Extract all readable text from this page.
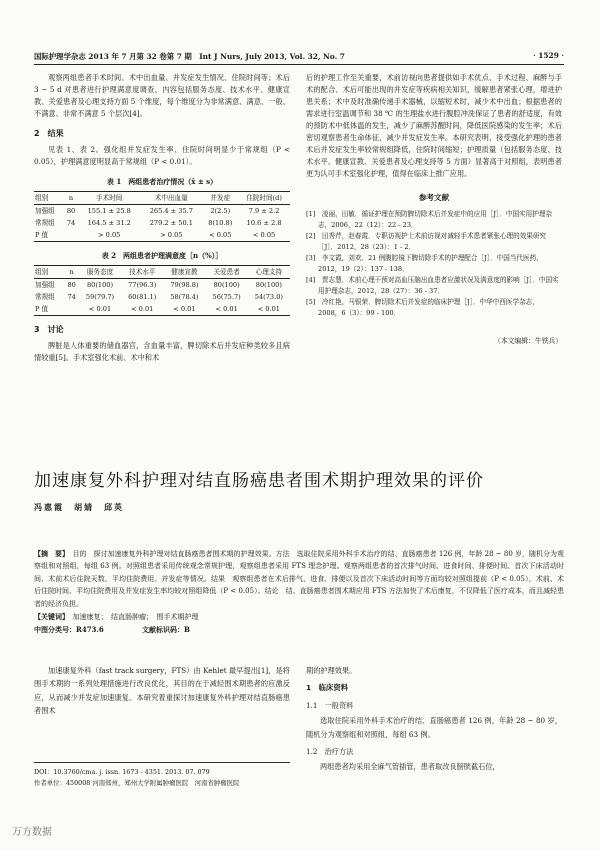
国际护理学杂志 2013 年 7 月第 32 卷第 7 期　Int J Nurs, July 2013, Vol. 32, No. 7	· 1529 ·

观察两组患者手术时间、术中出血量、并发症发生情况、住院时间等；术后 3 ~ 5 d 对患者进行护理满意度调查，内容包括服务态度、技术水平、健康宣教、关爱患者及心理支持方面 5 个维度，每个维度分为非常满意、满意、一般、不满意、非常不满意 5 个层次[4]。

2　结果

见表 1、表 2。强化组并发症发生率、住院时间明显少于常规组（P < 0.05），护理满意度明显高于常规组（P < 0.01）。

表 1　两组患者治疗情况（x̄ ± s）
组别	n	手术时间	术中出血量	并发症	住院时间(d)
加强组	80	155.1 ± 25.8	265.4 ± 35.7	2(2.5)	7.9 ± 2.2
常规组	74	164.5 ± 31.2	279.2 ± 50.1	8(10.8)	10.6 ± 2.8
P 值		> 0.05	> 0.05	< 0.05	< 0.05
表 2　两组患者护理满意度［n（%）］
组别	n	服务态度	技术水平	健康宣教	关爱患者	心理支持
加强组	80	80(100)	77(96.3)	79(98.8)	80(100)	80(100)
常规组	74	59(79.7)	60(81.1)	58(78.4)	56(75.7)	54(73.0)
P 值		< 0.01	< 0.01	< 0.01	< 0.01	< 0.01
3　讨论

脾脏是人体重要的储血器官，含血量丰富，脾切除术后并发症种类较多且病情较重[5]。手术室强化术前、术中和术

后的护理工作至关重要，术前访视向患者提供如手术优点、手术过程、麻醉与手术的配合、术后可能出现的并发症等疾病相关知识，缓解患者紧张心理，增进护患关系；术中及时准确传递手术器械，以缩短术时，减少术中出血；根据患者的需求进行室温调节和 38 ℃ 的生理盐水进行腹腔冲洗保证了患者的舒适度，有效的预防术中低体温的发生，减少了麻醉苏醒时间，降低医院感染的发生率；术后密切观察患者生命体征，减少并发症发生率。本研究表明，接受强化护理的患者术后并发症发生率较常规组降低，住院时间缩短；护理质量（包括服务态度、技术水平、健康宣教、关爱患者及心理支持等 5 方面）显著高于对照组，表明患者更为认可手术室强化护理，值得在临床上推广应用。

参考文献
[1]　凌丽，田敏．循证护理在预防脾切除术后并发症中的应用［J］．中国实用护理杂志，2006，22（12）：22 - 23．
[2]　田秀芹，赵春霞．专职访视护士术前访视对减轻手术患者紧张心理的效果研究［J］．2012，28（23）：1 - 2．
[3]　李文霞，刘欢．21 例腹腔镜下脾切除手术的护理配合［J］．中国当代医药，2012，19（2）：137 - 138．
[4]　贾志慧．术前心理干预对高血压脑出血患者应激状况及满意度的影响［J］．中国实用护理杂志，2012，28（27）：36 - 37．
[5]　冷红艳，马银荣．脾切除术后并发症的临床护理［J］．中华中西医学杂志，2008，6（3）：99 - 100．
（本文编辑：牛铁兵）
加速康复外科护理对结直肠癌患者围术期护理效果的评价
冯惠霞　胡婧　邱英

【摘　要】　 目的　探讨加速康复外科护理对结直肠癌患者围术期的护理效果。方法　选取住院采用外科手术治疗的结、直肠癌患者 126 例，年龄 28 ~ 80 岁，随机分为观察组和对照组，每组 63 例。对照组患者采用传统观念常规护理，观察组患者采用 FTS 理念护理。观察两组患者的首次排气时间、进食时间、排便时间、首次下床活动时间、术前术后住院天数、平均住院费用、并发症等情况。结果　观察组患者在术后排气、进食、排便以及首次下床活动时间等方面均较对照组提前（P < 0.05），术前、术后住院时间、平均住院费用及并发症发生率均较对照组降低（P < 0.05）。结论　结、直肠癌患者围术期应用 FTS 方法加快了术后康复，不仅降低了医疗成本，而且减轻患者的经济负担。

【关键词】　 加速康复；　结直肠肿瘤；　围手术期护理

中图分类号：R473.6	文献标识码：B

加速康复外科（fast track surgery，FTS）由 Kehlet 最早提出[1]，是将围手术期的一系列处理措施进行改良优化，其目的在于减轻围术期患者的应激反应，从而减少并发症加速康复。本研究着重探讨加速康复外科护理对结直肠癌患者围术

期的护理效果。

1　临床资料
1.1　一般资料

选取住院采用外科手术治疗的结、直肠癌患者 126 例，年龄 28 ~ 80 岁，随机分为观察组和对照组，每组 63 例。

1.2　治疗方法

两组患者均采用全麻气管插管，患者取改良膀胱截石位，

DOI：10.3760/cma. j. issn. 1673 - 4351. 2013. 07. 079
作者单位：450008 河南郑州，郑州大学附属肿瘤医院　河南省肿瘤医院
万方数据
